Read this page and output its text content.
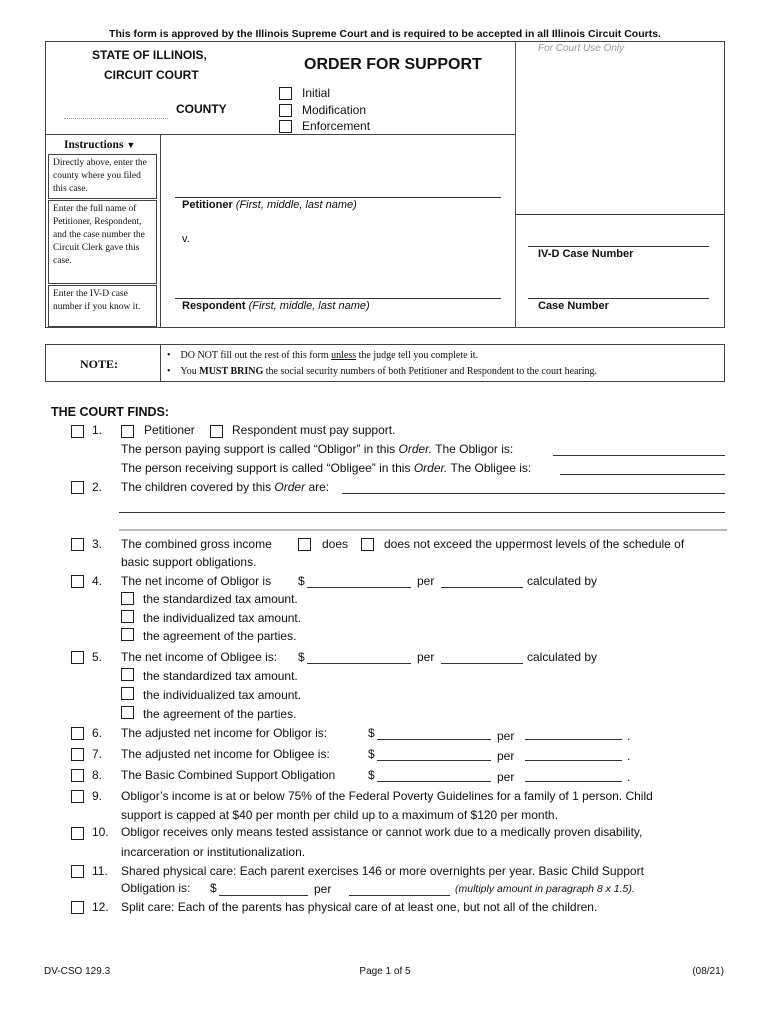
This form is approved by the Illinois Supreme Court and is required to be accepted in all Illinois Circuit Courts.
For Court Use Only
STATE OF ILLINOIS,
CIRCUIT COURT
COUNTY
ORDER FOR SUPPORT
Initial
Modification
Enforcement
Instructions ▼
Directly above, enter the county where you filed this case.
Enter the full name of Petitioner, Respondent, and the case number the Circuit Clerk gave this case.
Enter the IV-D case number if you know it.
Petitioner (First, middle, last name)
v.
Respondent (First, middle, last name)
IV-D Case Number
Case Number
NOTE:
• DO NOT fill out the rest of this form unless the judge tell you complete it.
• You MUST BRING the social security numbers of both Petitioner and Respondent to the court hearing.
THE COURT FINDS:
1.	Petitioner	Respondent must pay support.
The person paying support is called “Obligor” in this Order. The Obligor is:
The person receiving support is called “Obligee” in this Order. The Obligee is:
2. The children covered by this Order are:
3. The combined gross income	does	does not exceed the uppermost levels of the schedule of
basic support obligations.
4. The net income of Obligor is $	per	calculated by
the standardized tax amount.
the individualized tax amount.
the agreement of the parties.
5. The net income of Obligee is: $	per	calculated by
the standardized tax amount.
the individualized tax amount.
the agreement of the parties.
6. The adjusted net income for Obligor is:	$	per	.
7. The adjusted net income for Obligee is:	$	per	.
8. The Basic Combined Support Obligation	$	per	.
9. Obligor’s income is at or below 75% of the Federal Poverty Guidelines for a family of 1 person. Child
support is capped at $40 per month per child up to a maximum of $120 per month.
10. Obligor receives only means tested assistance or cannot work due to a medically proven disability,
incarceration or institutionalization.
11. Shared physical care: Each parent exercises 146 or more overnights per year. Basic Child Support
Obligation is: $	per	(multiply amount in paragraph 8 x 1.5).
12. Split care: Each of the parents has physical care of at least one, but not all of the children.
DV-CSO 129.3	Page 1 of 5	(08/21)
